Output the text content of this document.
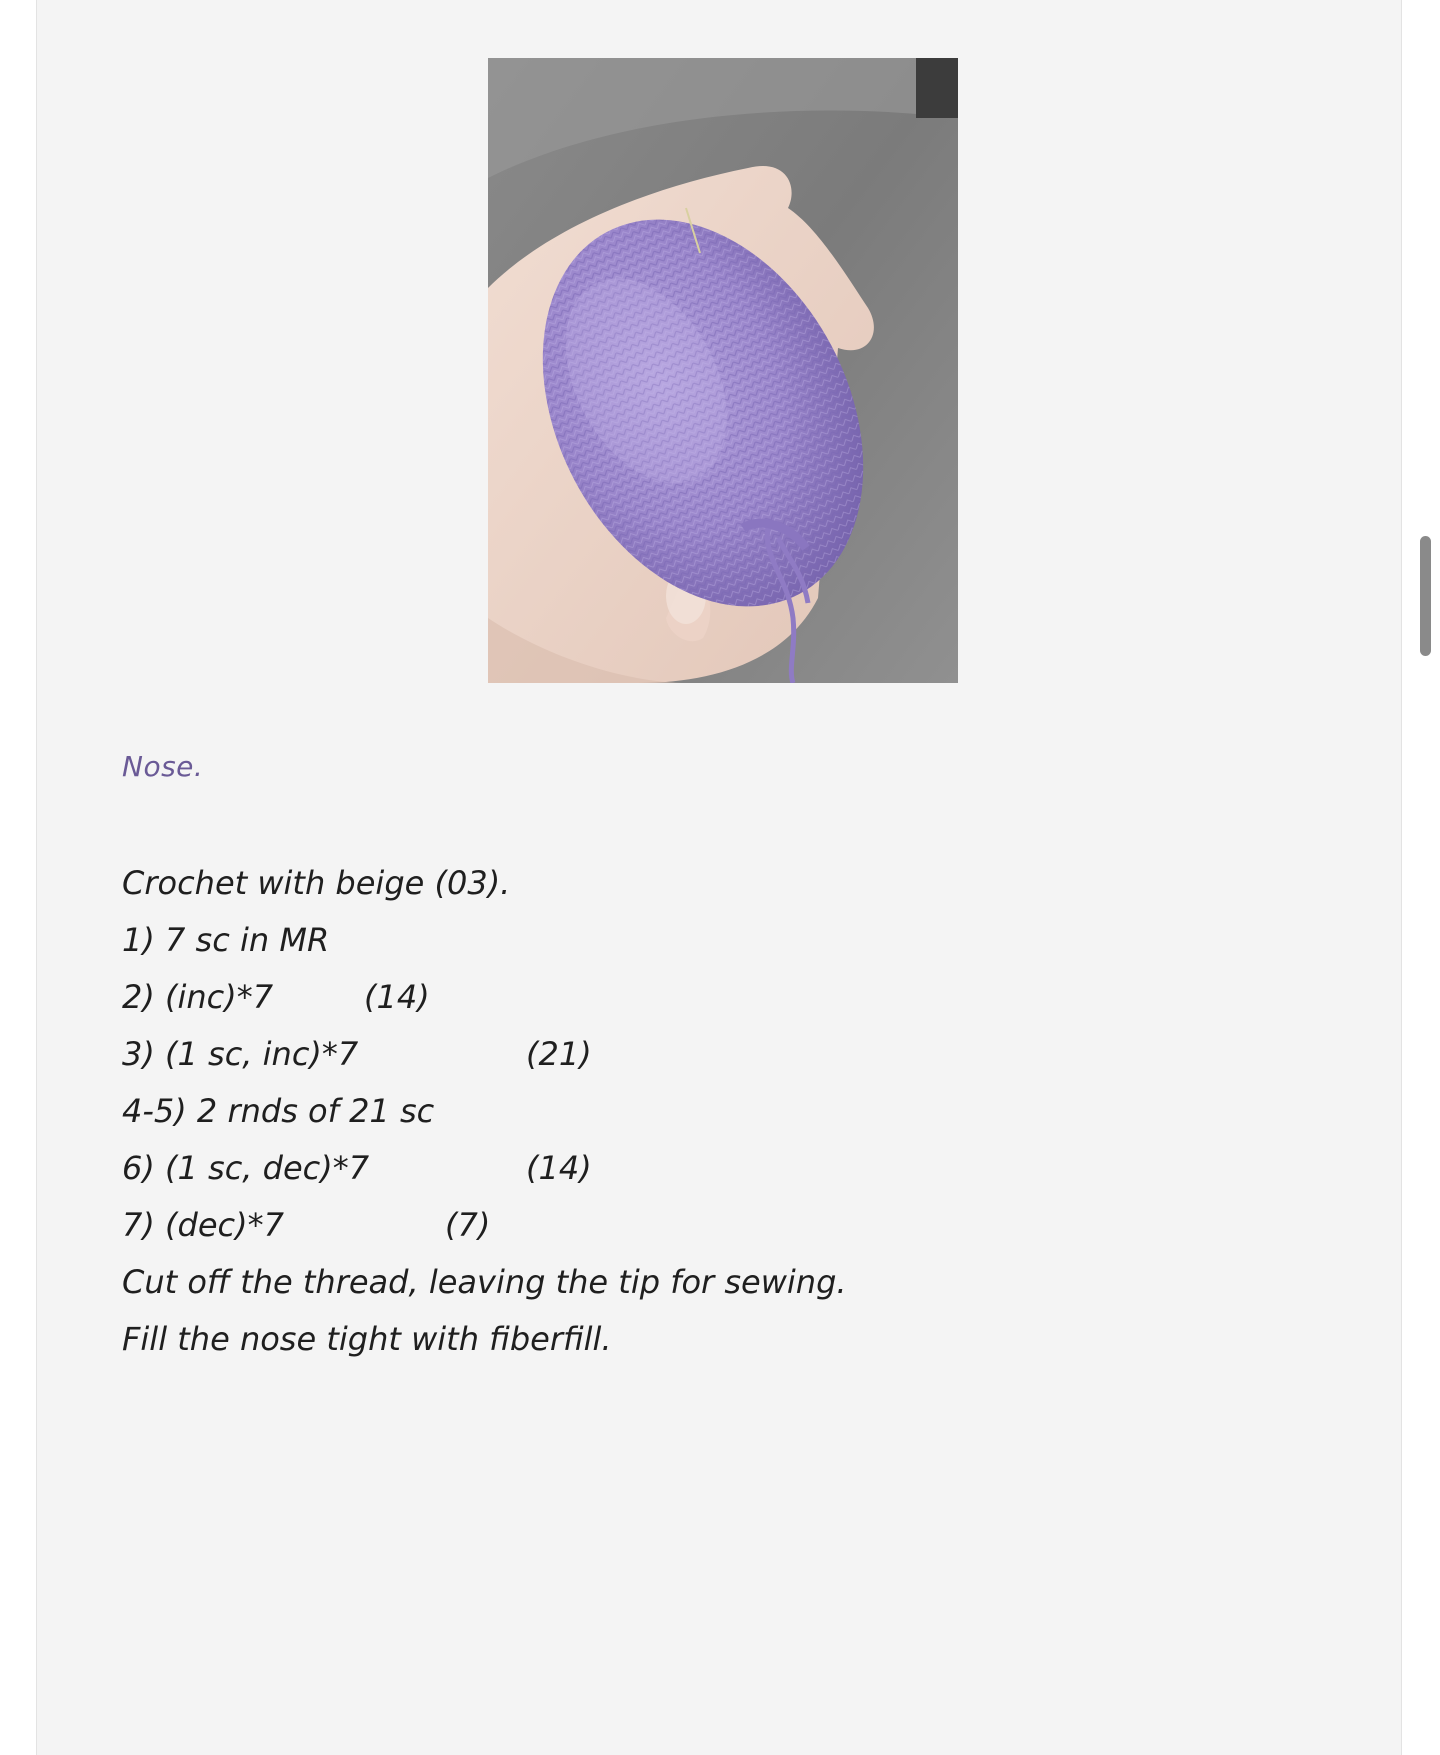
Nose.
Crochet with beige (03).
1) 7 sc in MR
2) (inc)*7	(14)
3) (1 sc, inc)*7	(21)
4-5) 2 rnds of 21 sc
6) (1 sc, dec)*7	(14)
7) (dec)*7	(7)
Cut off the thread, leaving the tip for sewing.
Fill the nose tight with fiberfill.
